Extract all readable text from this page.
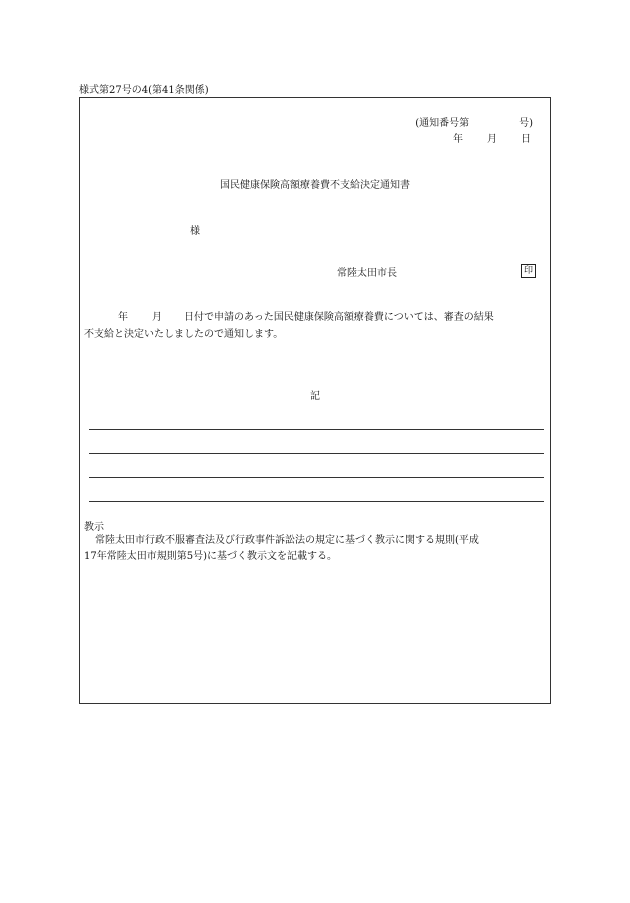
様式第27号の4(第41条関係)
(通知番号第　　　　　号)
年 月 日
国民健康保険高額療養費不支給決定通知書
様
常陸太田市長	印
年 月 日付で申請のあった国民健康保険高額療養費については、審査の結果
不支給と決定いたしましたので通知します。
記
教示
常陸太田市行政不服審査法及び行政事件訴訟法の規定に基づく教示に関する規則(平成
17年常陸太田市規則第5号)に基づく教示文を記載する。
